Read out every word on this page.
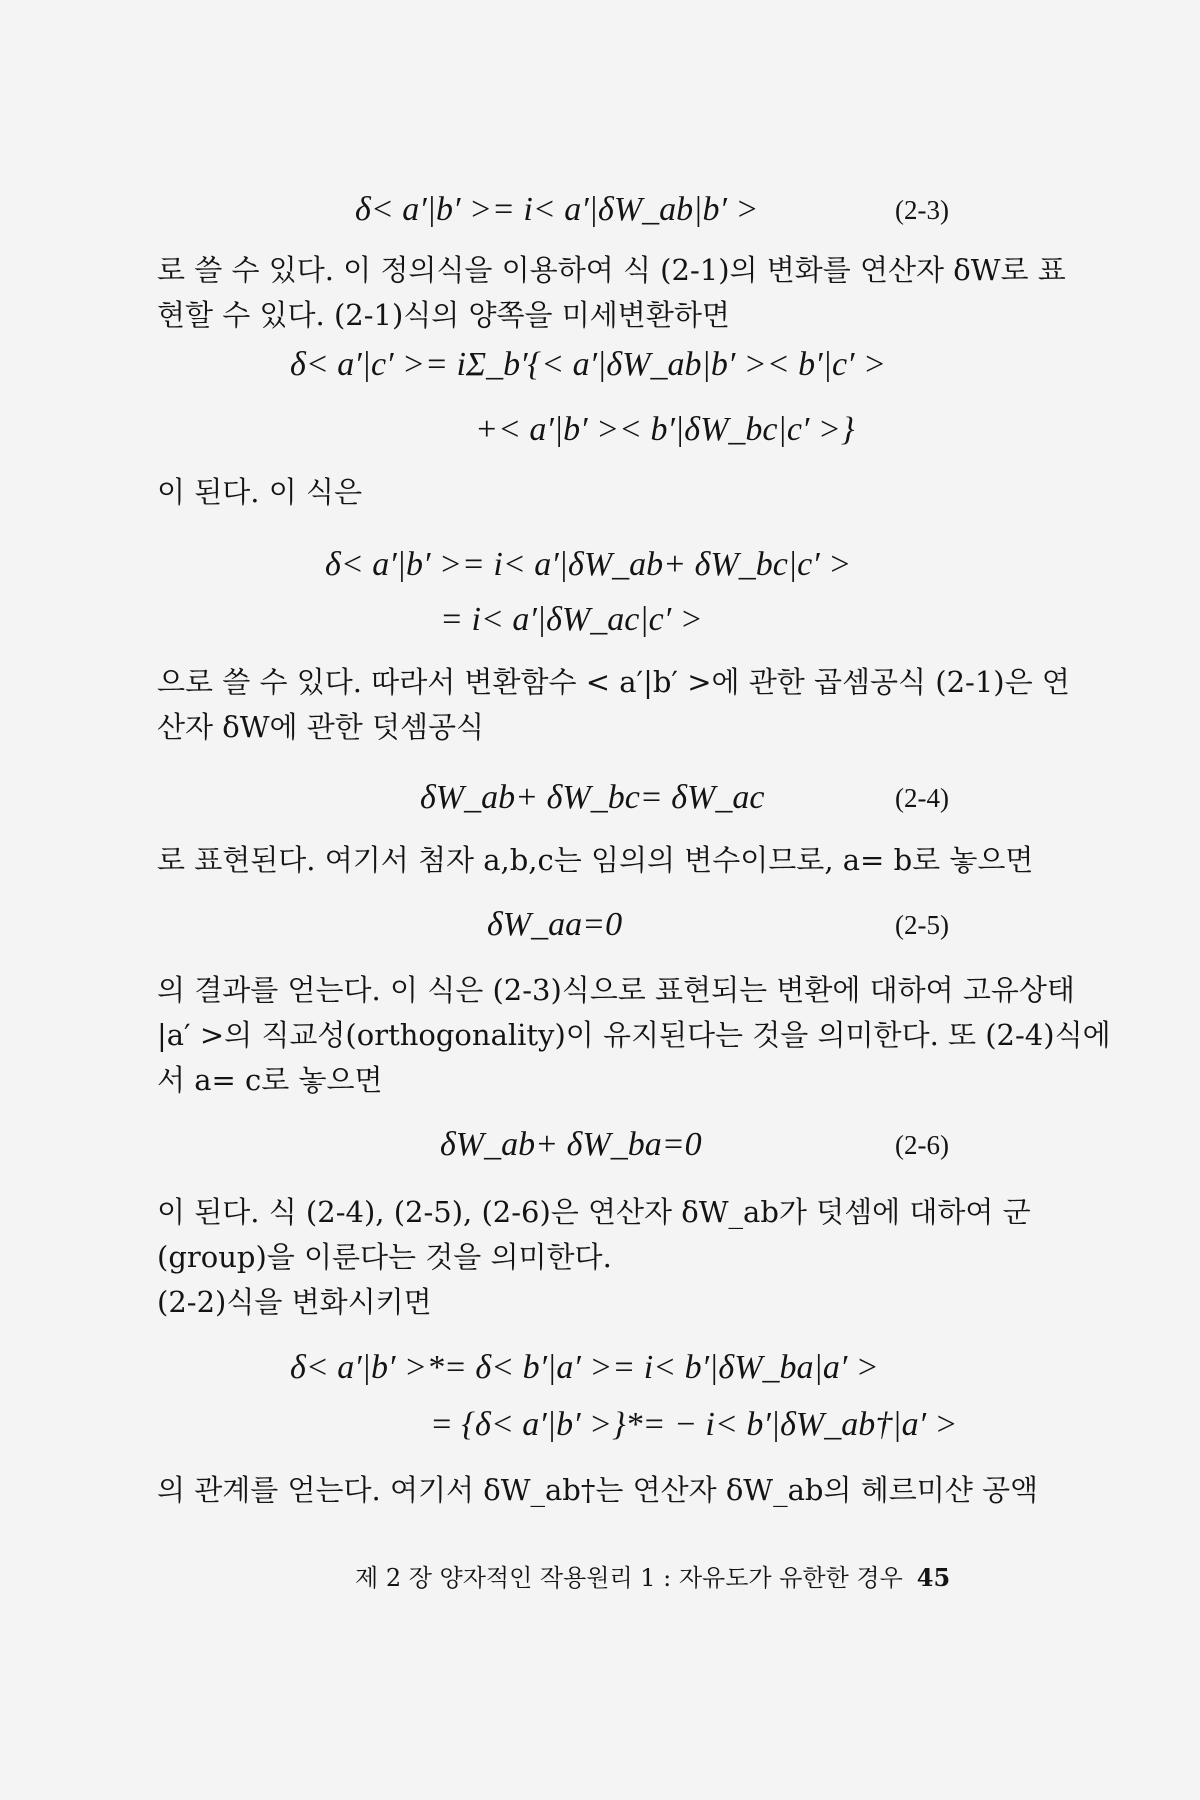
δ< a′|b′ >= i< a′|δW_ab|b′ >	(2-3)
로 쓸 수 있다. 이 정의식을 이용하여 식 (2-1)의 변화를 연산자 δW로 표
현할 수 있다. (2-1)식의 양쪽을 미세변환하면
δ< a′|c′ >= iΣ_b′{< a′|δW_ab|b′ >< b′|c′ >
+< a′|b′ >< b′|δW_bc|c′ >}
이 된다. 이 식은
δ< a′|b′ >= i< a′|δW_ab+ δW_bc|c′ >
= i< a′|δW_ac|c′ >
으로 쓸 수 있다. 따라서 변환함수 < a′|b′ >에 관한 곱셈공식 (2-1)은 연
산자 δW에 관한 덧셈공식
δW_ab+ δW_bc= δW_ac	(2-4)
로 표현된다. 여기서 첨자 a,b,c는 임의의 변수이므로, a= b로 놓으면
δW_aa=0	(2-5)
의 결과를 얻는다. 이 식은 (2-3)식으로 표현되는 변환에 대하여 고유상태
|a′ >의 직교성(orthogonality)이 유지된다는 것을 의미한다. 또 (2-4)식에
서 a= c로 놓으면
δW_ab+ δW_ba=0	(2-6)
이 된다. 식 (2-4), (2-5), (2-6)은 연산자 δW_ab가 덧셈에 대하여 군
(group)을 이룬다는 것을 의미한다.
(2-2)식을 변화시키면
δ< a′|b′ >*= δ< b′|a′ >= i< b′|δW_ba|a′ >
= {δ< a′|b′ >}*= − i< b′|δW_ab†|a′ >
의 관계를 얻는다. 여기서 δW_ab†는 연산자 δW_ab의 헤르미샨 공액
제 2 장 양자적인 작용원리 1 : 자유도가 유한한 경우 45
